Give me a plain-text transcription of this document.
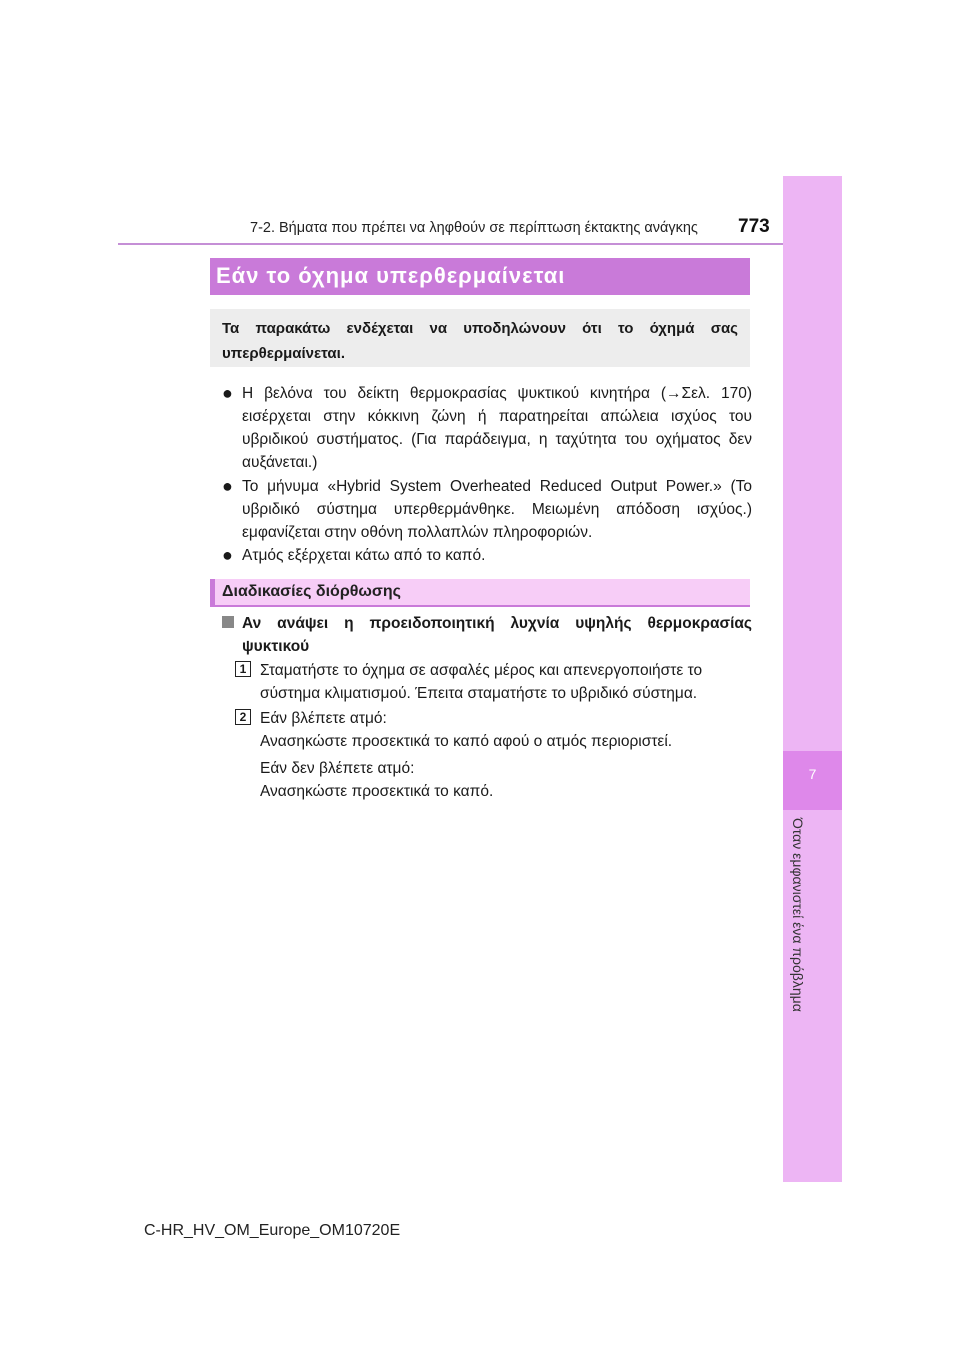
7-2. Βήματα που πρέπει να ληφθούν σε περίπτωση έκτακτης ανάγκης 773
7
Όταν εμφανιστεί ένα πρόβλημα
Εάν το όχημα υπερθερμαίνεται
Τα παρακάτω ενδέχεται να υποδηλώνουν ότι το όχημά σας υπερθερμαίνεται.
● Η βελόνα του δείκτη θερμοκρασίας ψυκτικού κινητήρα (→Σελ. 170) εισέρχεται στην κόκκινη ζώνη ή παρατηρείται απώλεια ισχύος του υβριδικού συστήματος. (Για παράδειγμα, η ταχύτητα του οχήματος δεν αυξάνεται.)
● Το μήνυμα «Hybrid System Overheated Reduced Output Power.» (Το υβριδικό σύστημα υπερθερμάνθηκε. Μειωμένη απόδοση ισχύος.) εμφανίζεται στην οθόνη πολλαπλών πληροφοριών.
● Ατμός εξέρχεται κάτω από το καπό.
Διαδικασίες διόρθωσης
Αν ανάψει η προειδοποιητική λυχνία υψηλής θερμοκρασίας ψυκτικού
1 Σταματήστε το όχημα σε ασφαλές μέρος και απενεργοποιήστε το
σύστημα κλιματισμού. Έπειτα σταματήστε το υβριδικό σύστημα.
2 Εάν βλέπετε ατμό:
Ανασηκώστε προσεκτικά το καπό αφού ο ατμός περιοριστεί.
Εάν δεν βλέπετε ατμό:
Ανασηκώστε προσεκτικά το καπό.
C-HR_HV_OM_Europe_OM10720E
